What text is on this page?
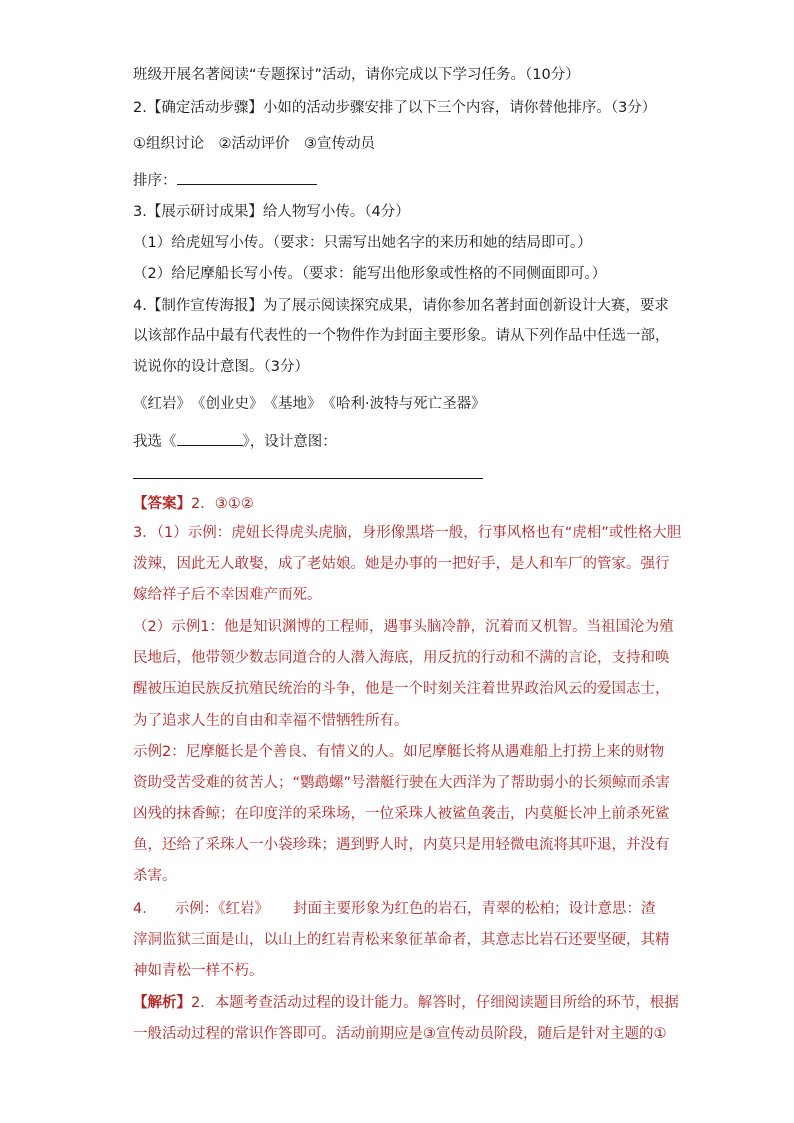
班级开展名著阅读“专题探讨”活动，请你完成以下学习任务。（10分）
2.【确定活动步骤】小如的活动步骤安排了以下三个内容，请你替他排序。（3分）
①组织讨论　②活动评价　③宣传动员
排序：
3.【展示研讨成果】给人物写小传。（4分）
（1）给虎妞写小传。（要求：只需写出她名字的来历和她的结局即可。）
（2）给尼摩船长写小传。（要求：能写出他形象或性格的不同侧面即可。）
4.【制作宣传海报】为了展示阅读探究成果，请你参加名著封面创新设计大赛，要求
以该部作品中最有代表性的一个物件作为封面主要形象。请从下列作品中任选一部，
说说你的设计意图。（3分）
《红岩》　《创业史》　《基地》　《哈利·波特与死亡圣器》
我选《	》，设计意图：
【答案】2．③①②
3．（1）示例：虎妞长得虎头虎脑，身形像黑塔一般，行事风格也有“虎相”或性格大胆
泼辣，因此无人敢娶，成了老姑娘。她是办事的一把好手，是人和车厂的管家。强行
嫁给祥子后不幸因难产而死。
（2）示例1：他是知识渊博的工程师，遇事头脑冷静，沉着而又机智。当祖国沦为殖
民地后，他带领少数志同道合的人潜入海底，用反抗的行动和不满的言论，支持和唤
醒被压迫民族反抗殖民统治的斗争，他是一个时刻关注着世界政治风云的爱国志士，
为了追求人生的自由和幸福不惜牺牲所有。
示例2：尼摩艇长是个善良、有情义的人。如尼摩艇长将从遇难船上打捞上来的财物
资助受苦受难的贫苦人；“鹦鹉螺”号潜艇行驶在大西洋为了帮助弱小的长须鲸而杀害
凶残的抹香鲸；在印度洋的采珠场，一位采珠人被鲨鱼袭击，内莫艇长冲上前杀死鲨
鱼，还给了采珠人一小袋珍珠；遇到野人时，内莫只是用轻微电流将其吓退，并没有
杀害。
4． 示例：《红岩》 封面主要形象为红色的岩石，青翠的松柏；设计意思：渣
滓洞监狱三面是山，以山上的红岩青松来象征革命者，其意志比岩石还要坚硬，其精
神如青松一样不朽。
【解析】2．本题考查活动过程的设计能力。解答时，仔细阅读题目所给的环节，根据
一般活动过程的常识作答即可。活动前期应是③宣传动员阶段，随后是针对主题的①
